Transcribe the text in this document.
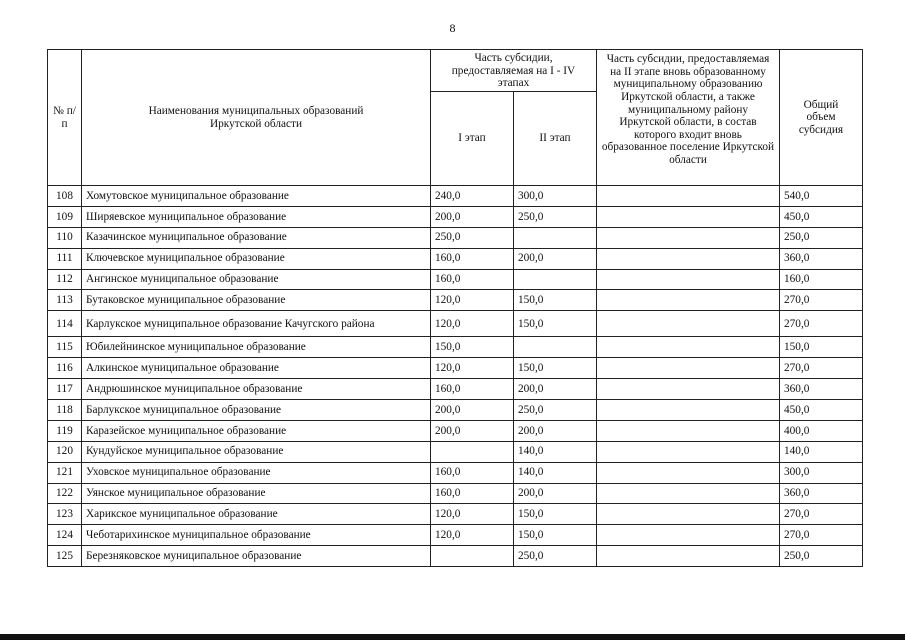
8
№ п/п	Наименования муниципальных образований Иркутской области	Часть субсидии, предоставляемая на I - IV этапах		Часть субсидии, предоставляемая на II этапе вновь образованному муниципальному образованию Иркутской области, а также муниципальному району Иркутской области, в состав которого входит вновь образованное поселение Иркутской области	Общий объем субсидия
		I этап	II этап		
108	Хомутовское муниципальное образование	240,0	300,0		540,0
109	Ширяевское муниципальное образование	200,0	250,0		450,0
110	Казачинское муниципальное образование	250,0			250,0
111	Ключевское муниципальное образование	160,0	200,0		360,0
112	Ангинское муниципальное образование	160,0			160,0
113	Бутаковское муниципальное образование	120,0	150,0		270,0
114	Карлукское муниципальное образование Качугского района	120,0	150,0		270,0
115	Юбилейнинское муниципальное образование	150,0			150,0
116	Алкинское муниципальное образование	120,0	150,0		270,0
117	Андрюшинское муниципальное образование	160,0	200,0		360,0
118	Барлукское муниципальное образование	200,0	250,0		450,0
119	Каразейское муниципальное образование	200,0	200,0		400,0
120	Кундуйское муниципальное образование		140,0		140,0
121	Уховское муниципальное образование	160,0	140,0		300,0
122	Уянское муниципальное образование	160,0	200,0		360,0
123	Харикское муниципальное образование	120,0	150,0		270,0
124	Чеботарихинское муниципальное образование	120,0	150,0		270,0
125	Березняковское муниципальное образование		250,0		250,0
